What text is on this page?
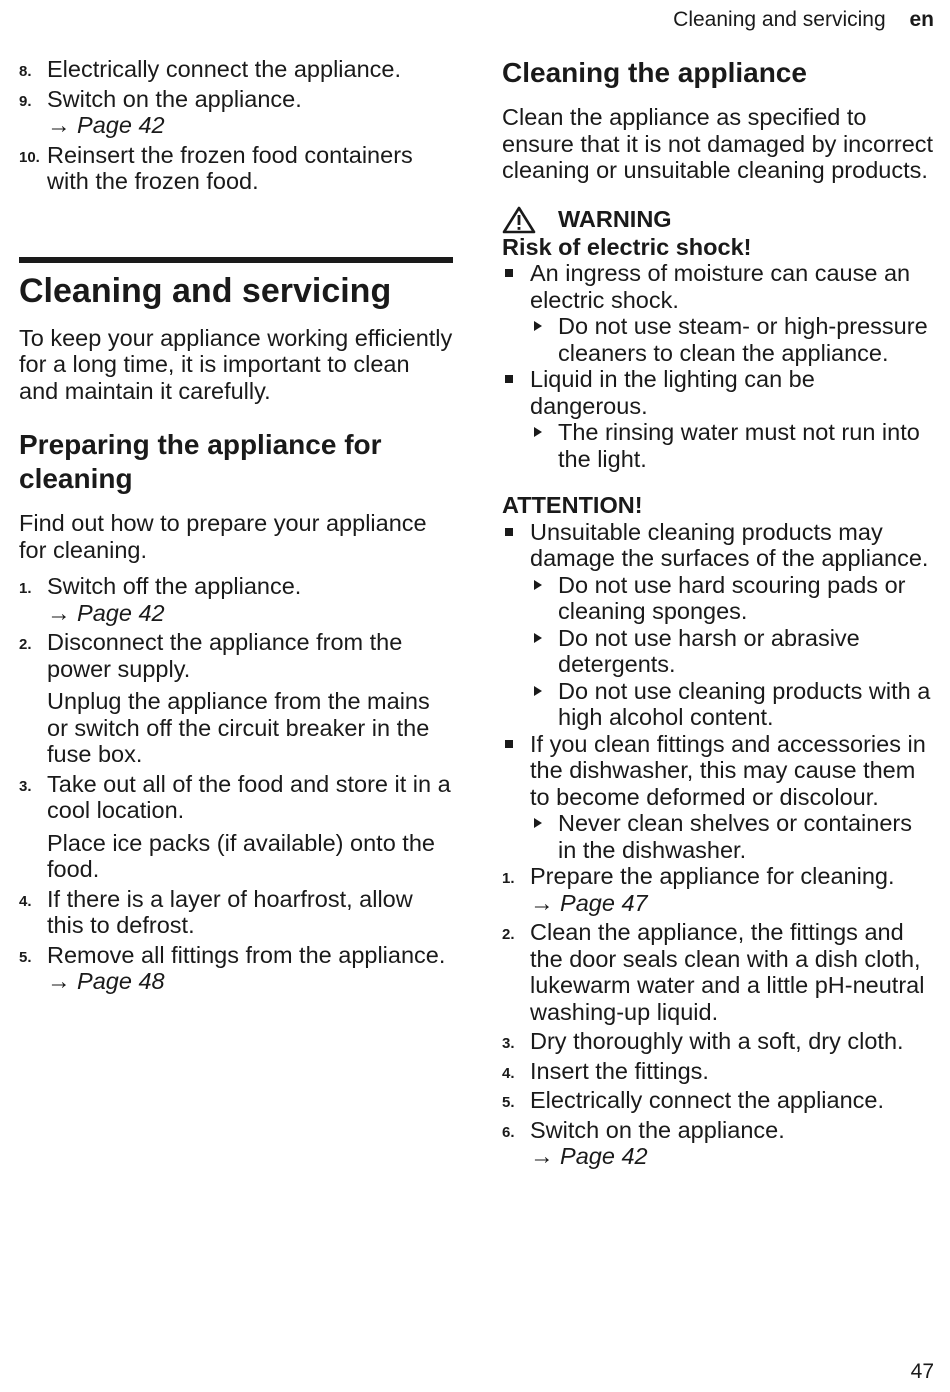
Cleaning and servicing en
8. Electrically connect the appliance.
9. Switch on the appliance.
→ Page 42
10. Reinsert the frozen food containers with the frozen food.
Cleaning and servicing

To keep your appliance working efficiently for a long time, it is important to clean and maintain it carefully.

Preparing the appliance for cleaning

Find out how to prepare your appliance for cleaning.

1. Switch off the appliance.
→ Page 42
2. Disconnect the appliance from the power supply.
Unplug the appliance from the mains or switch off the circuit breaker in the fuse box.
3. Take out all of the food and store it in a cool location.
Place ice packs (if available) onto the food.
4. If there is a layer of hoarfrost, allow this to defrost.
5. Remove all fittings from the appliance. → Page 48
Cleaning the appliance

Clean the appliance as specified to ensure that it is not damaged by incorrect cleaning or unsuitable cleaning products.

WARNING
Risk of electric shock!
An ingress of moisture can cause an electric shock.
Do not use steam- or high-pressure cleaners to clean the appliance.
Liquid in the lighting can be dangerous.
The rinsing water must not run into the light.
ATTENTION!
Unsuitable cleaning products may damage the surfaces of the appliance.
Do not use hard scouring pads or cleaning sponges.
Do not use harsh or abrasive detergents.
Do not use cleaning products with a high alcohol content.
If you clean fittings and accessories in the dishwasher, this may cause them to become deformed or discolour.
Never clean shelves or containers in the dishwasher.
1. Prepare the appliance for cleaning.
→ Page 47
2. Clean the appliance, the fittings and the door seals clean with a dish cloth, lukewarm water and a little pH-neutral washing-up liquid.
3. Dry thoroughly with a soft, dry cloth.
4. Insert the fittings.
5. Electrically connect the appliance.
6. Switch on the appliance.
→ Page 42
47
